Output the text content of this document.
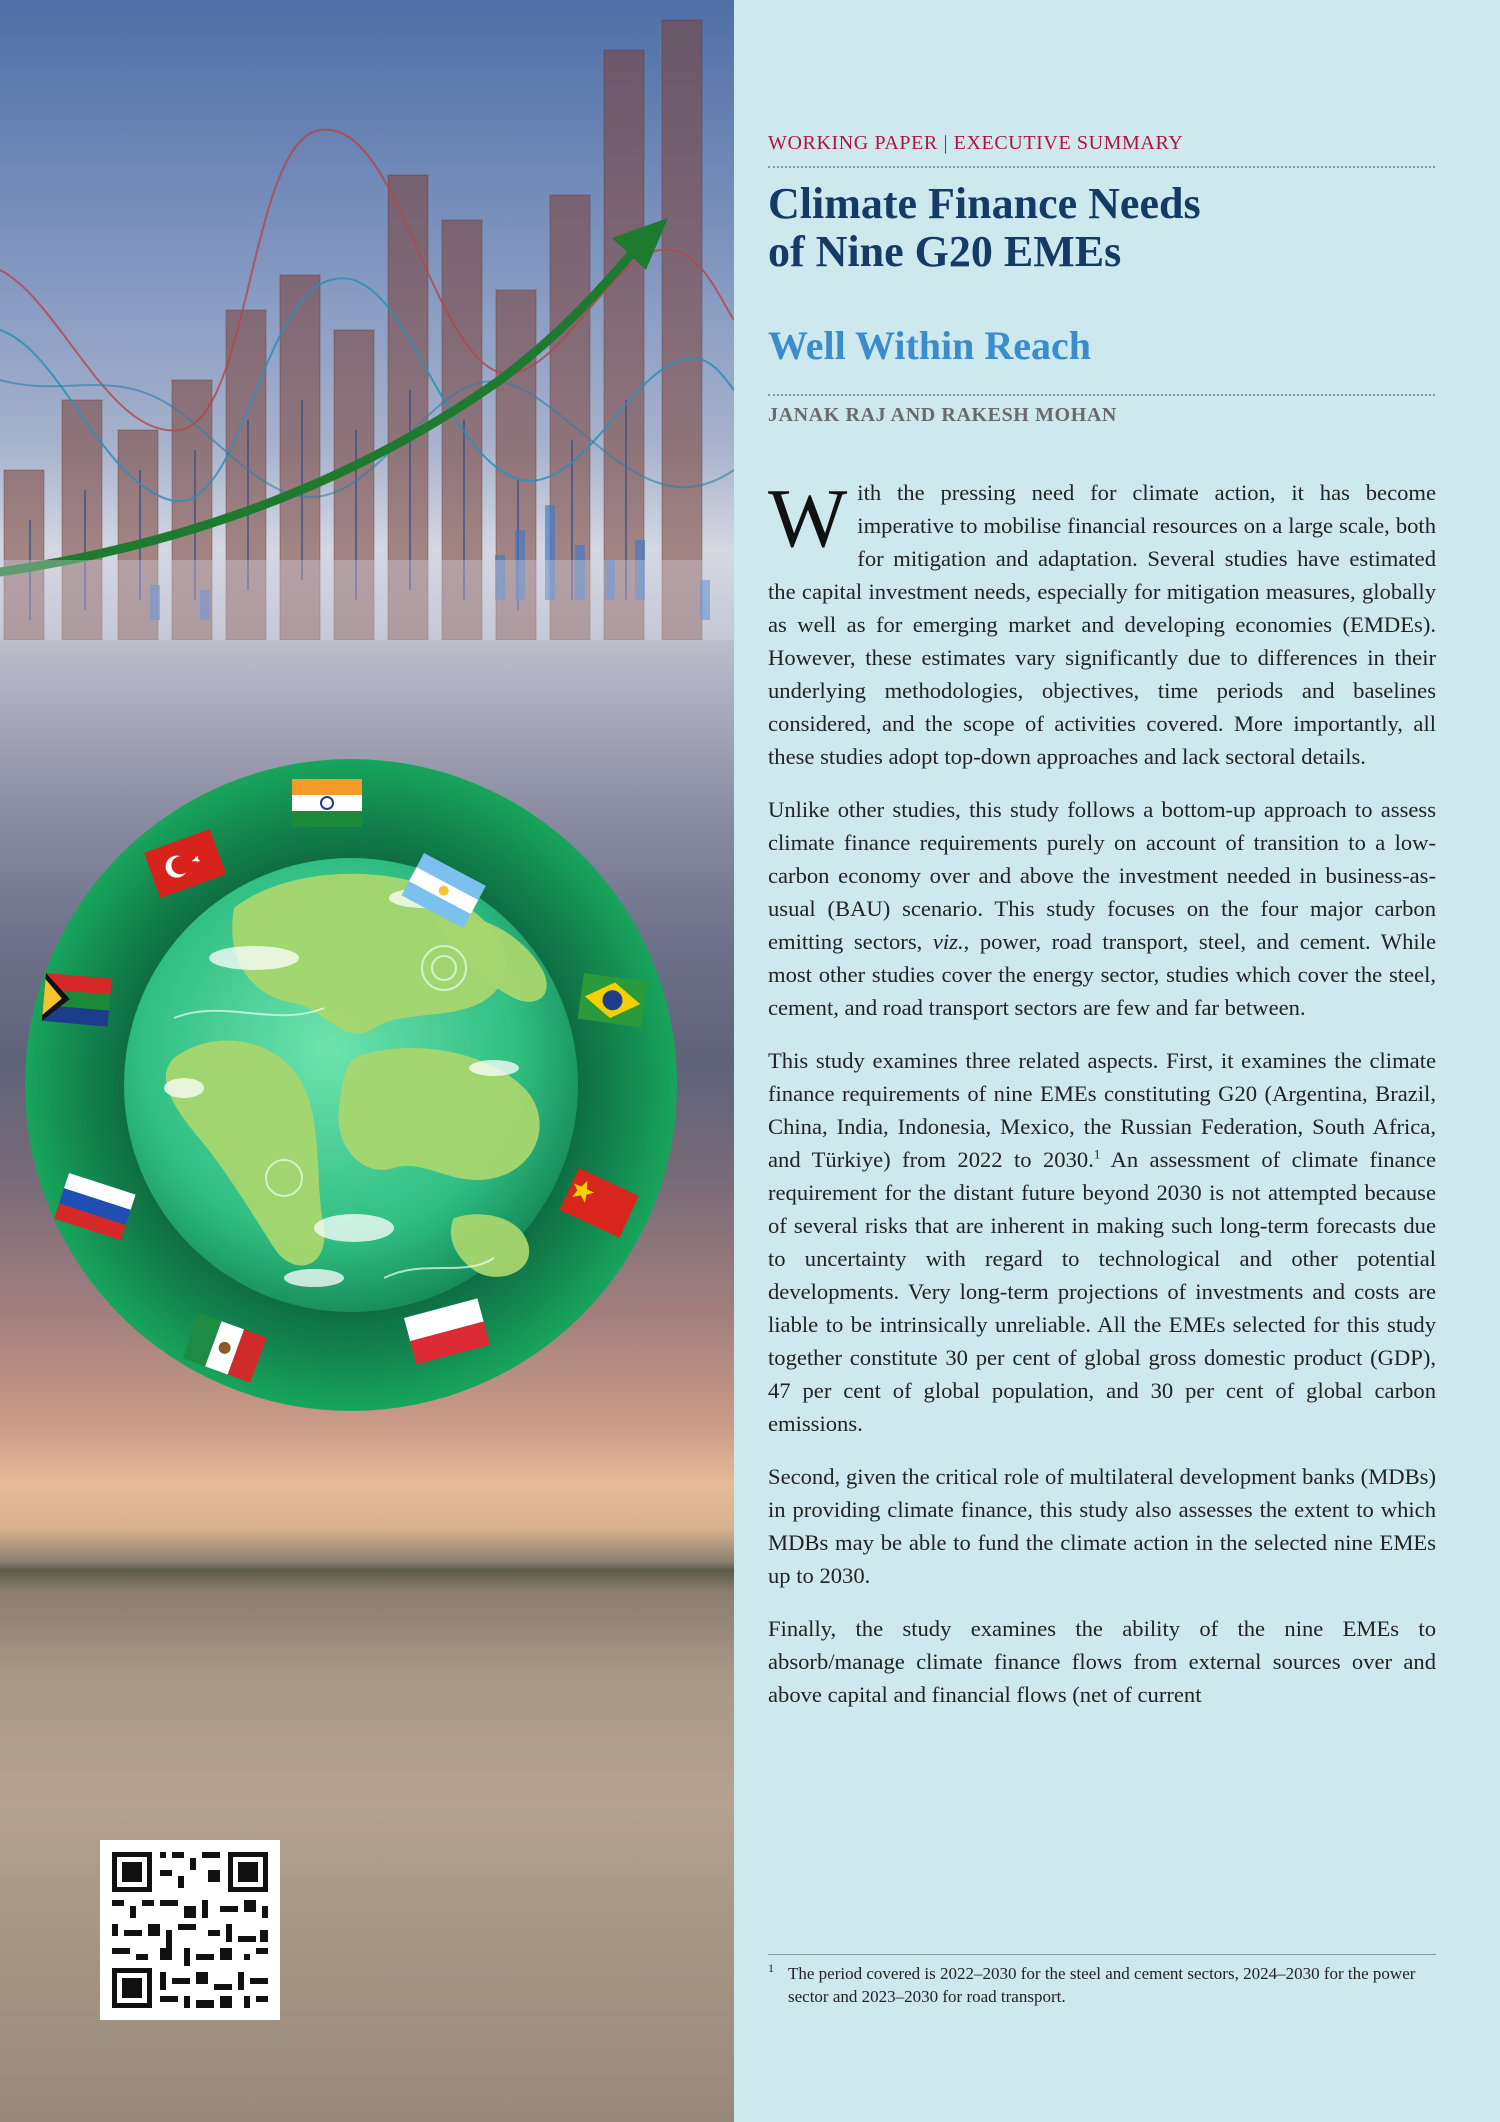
WORKING PAPER | EXECUTIVE SUMMARY
Climate Finance Needs
of Nine G20 EMEs
Well Within Reach
JANAK RAJ AND RAKESH MOHAN

With the pressing need for climate action, it has become imperative to mobilise financial resources on a large scale, both for mitigation and adaptation. Several studies have estimated the capital investment needs, especially for mitigation measures, globally as well as for emerging market and developing economies (EMDEs). However, these estimates vary significantly due to differences in their underlying methodologies, objectives, time periods and baselines considered, and the scope of activities covered. More importantly, all these studies adopt top-down approaches and lack sectoral details.

Unlike other studies, this study follows a bottom-up approach to assess climate finance requirements purely on account of transition to a low-carbon economy over and above the investment needed in business-as-usual (BAU) scenario. This study focuses on the four major carbon emitting sectors, viz., power, road transport, steel, and cement. While most other studies cover the energy sector, studies which cover the steel, cement, and road transport sectors are few and far between.

This study examines three related aspects. First, it examines the climate finance requirements of nine EMEs constituting G20 (Argentina, Brazil, China, India, Indonesia, Mexico, the Russian Federation, South Africa, and Türkiye) from 2022 to 2030.$^1$ An assessment of climate finance requirement for the distant future beyond 2030 is not attempted because of several risks that are inherent in making such long-term forecasts due to uncertainty with regard to technological and other potential developments. Very long-term projections of investments and costs are liable to be intrinsically unreliable. All the EMEs selected for this study together constitute 30 per cent of global gross domestic product (GDP), 47 per cent of global population, and 30 per cent of global carbon emissions.

Second, given the critical role of multilateral development banks (MDBs) in providing climate finance, this study also assesses the extent to which MDBs may be able to fund the climate action in the selected nine EMEs up to 2030.

Finally, the study examines the ability of the nine EMEs to absorb/manage climate finance flows from external sources over and above capital and financial flows (net of current

1 The period covered is 2022–2030 for the steel and cement sectors, 2024–2030 for the power sector and 2023–2030 for road transport.
